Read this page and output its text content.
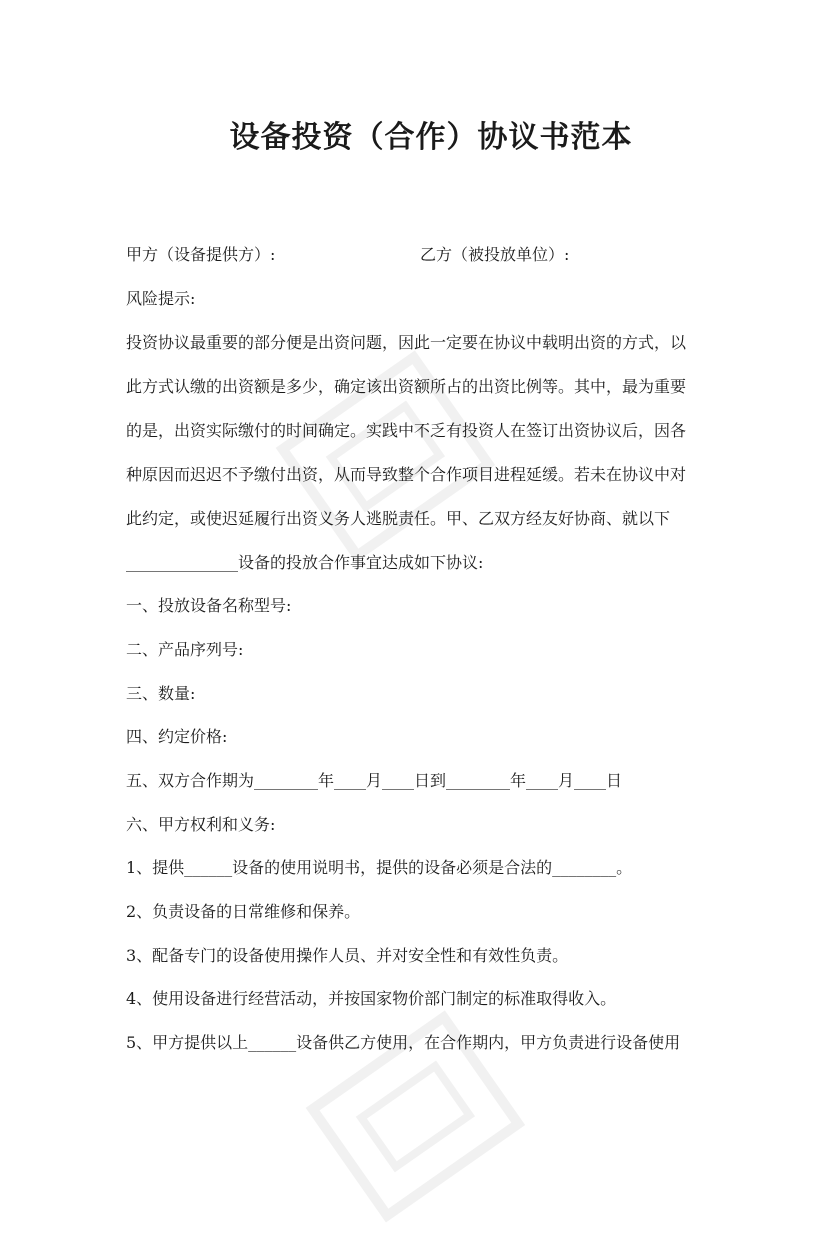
设备投资（合作）协议书范本
甲方（设备提供方）:	乙方（被投放单位）:
风险提示:
投资协议最重要的部分便是出资问题，因此一定要在协议中载明出资的方式，以
此方式认缴的出资额是多少，确定该出资额所占的出资比例等。其中，最为重要
的是，出资实际缴付的时间确定。实践中不乏有投资人在签订出资协议后，因各
种原因而迟迟不予缴付出资，从而导致整个合作项目进程延缓。若未在协议中对
此约定，或使迟延履行出资义务人逃脱责任。甲、乙双方经友好协商、就以下
______________设备的投放合作事宜达成如下协议:
一、投放设备名称型号:
二、产品序列号:
三、数量:
四、约定价格:
五、双方合作期为________年____月____日到________年____月____日
六、甲方权利和义务:
1、提供______设备的使用说明书，提供的设备必须是合法的________。
2、负责设备的日常维修和保养。
3、配备专门的设备使用操作人员、并对安全性和有效性负责。
4、使用设备进行经营活动，并按国家物价部门制定的标准取得收入。
5、甲方提供以上______设备供乙方使用，在合作期内，甲方负责进行设备使用
